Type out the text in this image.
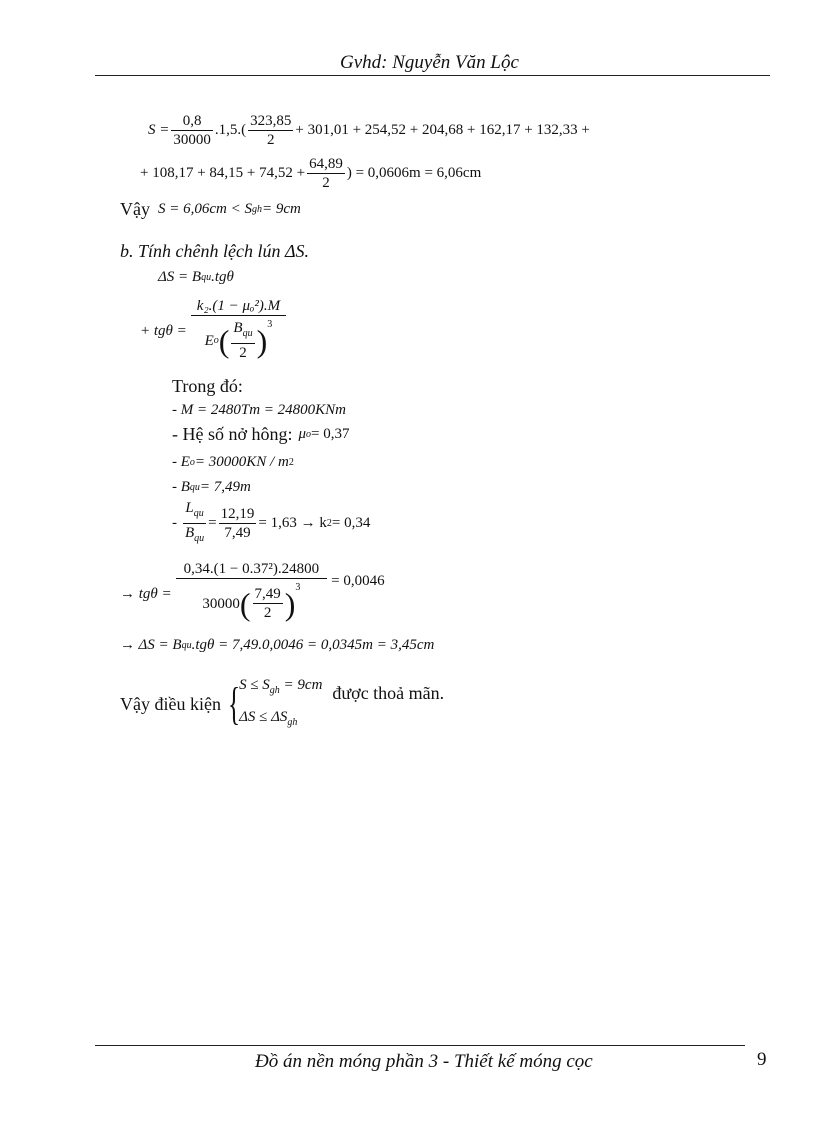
Gvhd: Nguyễn Văn Lộc
$S = \frac{0,8}{30000} .1,5.( \frac{323,85}{2} + 301,01 + 254,52 + 204,68 + 162,17 + 132,33$ +
+ $108,17 + 84,15 + 74,52 + \frac{64,89}{2}$ ) = 0,0606m = 6,06cm
Vậy S = 6,06cm < S gh = 9cm
b. Tính chênh lệch lún ΔS.
ΔS = B qu .tgθ
+ $tg\theta = \frac{\text{k₂.(1 − μₒ²).M}}{E o ( \frac{B_{qu}}{2} )^3}$
Trong đó:
- M = 2480Tm = 24800KNm
- Hệ số nở hông: μ o = 0,37
- E o = 30000KN / m 2
- B qu = 7,49m
- $\frac{L_{qu}}{B_{qu}} = \frac{12,19}{7,49} = 1,63 \to k$ 2 = 0,34
→ $tg\theta = \frac{\text{0,34.(1 − 0.37²).24800}}{30000 ( \frac{7,49}{2} )^3} = 0,0046$
→ ΔS = B qu .tgθ = 7,49.0,0046 = 0,0345m = 3,45cm
Vậy điều kiện {
$S \le S_{gh} = 9cm$
$\Delta S \le \Delta S_{gh}$
được thoả mãn.
Đồ án nền móng phần 3 - Thiết kế móng cọc	9
